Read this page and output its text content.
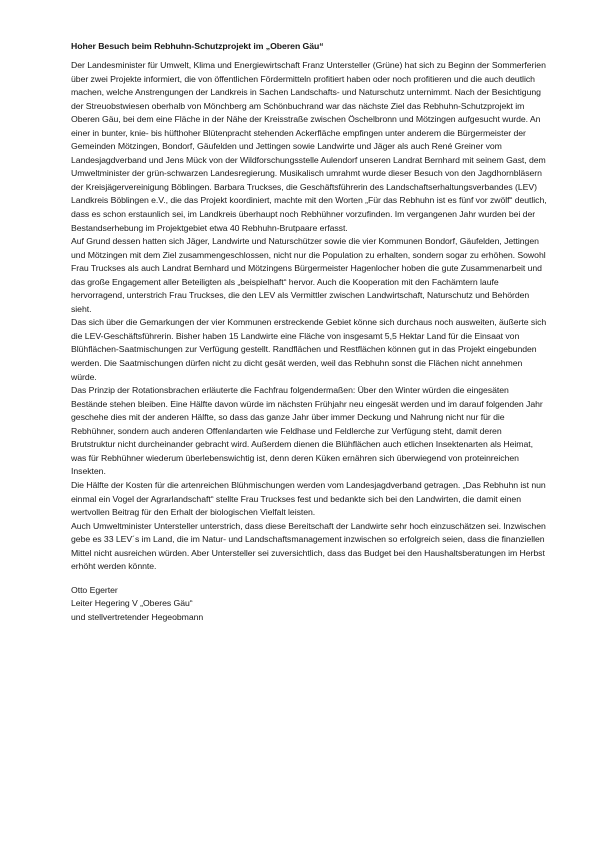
Hoher Besuch beim Rebhuhn-Schutzprojekt im „Oberen Gäu“

Der Landesminister für Umwelt, Klima und Energiewirtschaft Franz Untersteller (Grüne) hat sich zu Beginn der Sommerferien über zwei Projekte informiert, die von öffentlichen Fördermitteln profitiert haben oder noch profitieren und die auch deutlich machen, welche Anstrengungen der Landkreis in Sachen Landschafts- und Naturschutz unternimmt. Nach der Besichtigung der Streuobstwiesen oberhalb von Mönchberg am Schönbuchrand war das nächste Ziel das Rebhuhn-Schutzprojekt im Oberen Gäu, bei dem eine Fläche in der Nähe der Kreisstraße zwischen Öschelbronn und Mötzingen aufgesucht wurde. An einer in bunter, knie- bis hüfthoher Blütenpracht stehenden Ackerfläche empfingen unter anderem die Bürgermeister der Gemeinden Mötzingen, Bondorf, Gäufelden und Jettingen sowie Landwirte und Jäger als auch René Greiner vom Landesjagdverband und Jens Mück von der Wildforschungsstelle Aulendorf unseren Landrat Bernhard mit seinem Gast, dem Umweltminister der grün-schwarzen Landesregierung. Musikalisch umrahmt wurde dieser Besuch von den Jagdhornbläsern der Kreisjägervereinigung Böblingen. Barbara Truckses, die Geschäftsführerin des Landschaftserhaltungsverbandes (LEV) Landkreis Böblingen e.V., die das Projekt koordiniert, machte mit den Worten „Für das Rebhuhn ist es fünf vor zwölf“ deutlich, dass es schon erstaunlich sei, im Landkreis überhaupt noch Rebhühner vorzufinden. Im vergangenen Jahr wurden bei der Bestandserhebung im Projektgebiet etwa 40 Rebhuhn-Brutpaare erfasst.

Auf Grund dessen hatten sich Jäger, Landwirte und Naturschützer sowie die vier Kommunen Bondorf, Gäufelden, Jettingen und Mötzingen mit dem Ziel zusammengeschlossen, nicht nur die Population zu erhalten, sondern sogar zu erhöhen. Sowohl Frau Truckses als auch Landrat Bernhard und Mötzingens Bürgermeister Hagenlocher hoben die gute Zusammenarbeit und das große Engagement aller Beteiligten als „beispielhaft“ hervor. Auch die Kooperation mit den Fachämtern laufe hervorragend, unterstrich Frau Truckses, die den LEV als Vermittler zwischen Landwirtschaft, Naturschutz und Behörden sieht.

Das sich über die Gemarkungen der vier Kommunen erstreckende Gebiet könne sich durchaus noch ausweiten, äußerte sich die LEV-Geschäftsführerin. Bisher haben 15 Landwirte eine Fläche von insgesamt 5,5 Hektar Land für die Einsaat von Blühflächen-Saatmischungen zur Verfügung gestellt. Randflächen und Restflächen können gut in das Projekt eingebunden werden. Die Saatmischungen dürfen nicht zu dicht gesät werden, weil das Rebhuhn sonst die Flächen nicht annehmen würde.

Das Prinzip der Rotationsbrachen erläuterte die Fachfrau folgendermaßen: Über den Winter würden die eingesäten Bestände stehen bleiben. Eine Hälfte davon würde im nächsten Frühjahr neu eingesät werden und im darauf folgenden Jahr geschehe dies mit der anderen Hälfte, so dass das ganze Jahr über immer Deckung und Nahrung nicht nur für die Rebhühner, sondern auch anderen Offenlandarten wie Feldhase und Feldlerche zur Verfügung steht, damit deren Brutstruktur nicht durcheinander gebracht wird. Außerdem dienen die Blühflächen auch etlichen Insektenarten als Heimat, was für Rebhühner wiederum überlebenswichtig ist, denn deren Küken ernähren sich überwiegend von proteinreichen Insekten.

Die Hälfte der Kosten für die artenreichen Blühmischungen werden vom Landesjagdverband getragen. „Das Rebhuhn ist nun einmal ein Vogel der Agrarlandschaft“ stellte Frau Truckses fest und bedankte sich bei den Landwirten, die damit einen wertvollen Beitrag für den Erhalt der biologischen Vielfalt leisten.

Auch Umweltminister Untersteller unterstrich, dass diese Bereitschaft der Landwirte sehr hoch einzuschätzen sei. Inzwischen gebe es 33 LEV´s im Land, die im Natur- und Landschaftsmanagement inzwischen so erfolgreich seien, dass die finanziellen Mittel nicht ausreichen würden. Aber Untersteller sei zuversichtlich, dass das Budget bei den Haushaltsberatungen im Herbst erhöht werden könnte.

Otto Egerter

Leiter Hegering V „Oberes Gäu“

und stellvertretender Hegeobmann
